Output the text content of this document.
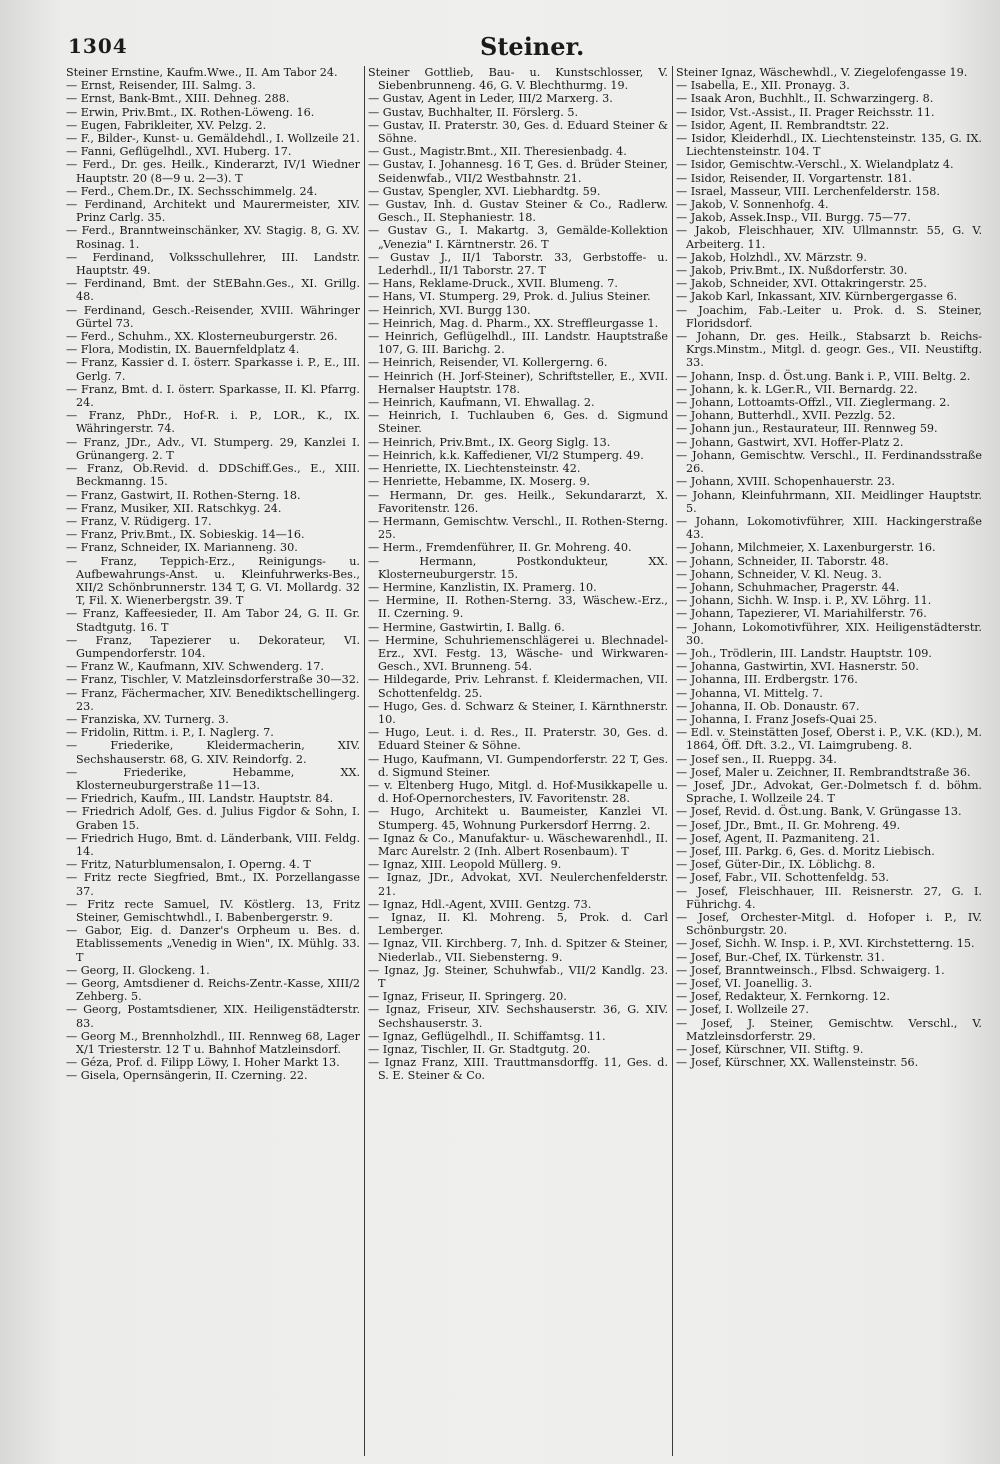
1304	Steiner.

Steiner Ernstine, Kaufm.Wwe., II. Am Tabor 24.

— Ernst, Reisender, III. Salmg. 3.

— Ernst, Bank-Bmt., XIII. Dehneg. 288.

— Erwin, Priv.Bmt., IX. Rothen-Löweng. 16.

— Eugen, Fabrikleiter, XV. Pelzg. 2.

— F., Bilder-, Kunst- u. Gemäldehdl., I. Wollzeile 21.

— Fanni, Geflügelhdl., XVI. Huberg. 17.

— Ferd., Dr. ges. Heilk., Kinderarzt, IV/1 Wiedner Hauptstr. 20 (8—9 u. 2—3). T

— Ferd., Chem.Dr., IX. Sechsschimmelg. 24.

— Ferdinand, Architekt und Maurermeister, XIV. Prinz Carlg. 35.

— Ferd., Branntweinschänker, XV. Stagig. 8, G. XV. Rosinag. 1.

— Ferdinand, Volksschullehrer, III. Landstr. Hauptstr. 49.

— Ferdinand, Bmt. der StEBahn.Ges., XI. Grillg. 48.

— Ferdinand, Gesch.-Reisender, XVIII. Währinger Gürtel 73.

— Ferd., Schuhm., XX. Klosterneuburgerstr. 26.

— Flora, Modistin, IX. Bauernfeldplatz 4.

— Franz, Kassier d. I. österr. Sparkasse i. P., E., III. Gerlg. 7.

— Franz, Bmt. d. I. österr. Sparkasse, II. Kl. Pfarrg. 24.

— Franz, PhDr., Hof-R. i. P., LOR., K., IX. Währingerstr. 74.

— Franz, JDr., Adv., VI. Stumperg. 29, Kanzlei I. Grünangerg. 2. T

— Franz, Ob.Revid. d. DDSchiff.Ges., E., XIII. Beckmanng. 15.

— Franz, Gastwirt, II. Rothen-Sterng. 18.

— Franz, Musiker, XII. Ratschkyg. 24.

— Franz, V. Rüdigerg. 17.

— Franz, Priv.Bmt., IX. Sobieskig. 14—16.

— Franz, Schneider, IX. Marianneng. 30.

— Franz, Teppich-Erz., Reinigungs- u. Aufbewahrungs-Anst. u. Kleinfuhrwerks-Bes., XII/2 Schönbrunnerstr. 134 T, G. VI. Mollardg. 32 T, Fil. X. Wienerbergstr. 39. T

— Franz, Kaffeesieder, II. Am Tabor 24, G. II. Gr. Stadtgutg. 16. T

— Franz, Tapezierer u. Dekorateur, VI. Gumpendorferstr. 104.

— Franz W., Kaufmann, XIV. Schwenderg. 17.

— Franz, Tischler, V. Matzleinsdorferstraße 30—32.

— Franz, Fächermacher, XIV. Benediktschellingerg. 23.

— Franziska, XV. Turnerg. 3.

— Fridolin, Rittm. i. P., I. Naglerg. 7.

— Friederike, Kleidermacherin, XIV. Sechshauserstr. 68, G. XIV. Reindorfg. 2.

— Friederike, Hebamme, XX. Klosterneuburgerstraße 11—13.

— Friedrich, Kaufm., III. Landstr. Hauptstr. 84.

— Friedrich Adolf, Ges. d. Julius Figdor & Sohn, I. Graben 15.

— Friedrich Hugo, Bmt. d. Länderbank, VIII. Feldg. 14.

— Fritz, Naturblumensalon, I. Operng. 4. T

— Fritz recte Siegfried, Bmt., IX. Porzellangasse 37.

— Fritz recte Samuel, IV. Köstlerg. 13, Fritz Steiner, Gemischtwhdl., I. Babenbergerstr. 9.

— Gabor, Eig. d. Danzer's Orpheum u. Bes. d. Etablissements „Venedig in Wien", IX. Mühlg. 33. T

— Georg, II. Glockeng. 1.

— Georg, Amtsdiener d. Reichs-Zentr.-Kasse, XIII/2 Zehberg. 5.

— Georg, Postamtsdiener, XIX. Heiligenstädterstr. 83.

— Georg M., Brennholzhdl., III. Rennweg 68, Lager X/1 Triesterstr. 12 T u. Bahnhof Matzleinsdorf.

— Géza, Prof. d. Filipp Löwy, I. Hoher Markt 13.

— Gisela, Opernsängerin, II. Czerning. 22.

Steiner Gottlieb, Bau- u. Kunstschlosser, V. Siebenbrunneng. 46, G. V. Blechthurmg. 19.

— Gustav, Agent in Leder, III/2 Marxerg. 3.

— Gustav, Buchhalter, II. Förslerg. 5.

— Gustav, II. Praterstr. 30, Ges. d. Eduard Steiner & Söhne.

— Gust., Magistr.Bmt., XII. Theresienbadg. 4.

— Gustav, I. Johannesg. 16 T, Ges. d. Brüder Steiner, Seidenwfab., VII/2 Westbahnstr. 21.

— Gustav, Spengler, XVI. Liebhardtg. 59.

— Gustav, Inh. d. Gustav Steiner & Co., Radlerw. Gesch., II. Stephaniestr. 18.

— Gustav G., I. Makartg. 3, Gemälde-Kollektion „Venezia" I. Kärntnerstr. 26. T

— Gustav J., II/1 Taborstr. 33, Gerbstoffe- u. Lederhdl., II/1 Taborstr. 27. T

— Hans, Reklame-Druck., XVII. Blumeng. 7.

— Hans, VI. Stumperg. 29, Prok. d. Julius Steiner.

— Heinrich, XVI. Burgg 130.

— Heinrich, Mag. d. Pharm., XX. Streffleurgasse 1.

— Heinrich, Geflügelhdl., III. Landstr. Hauptstraße 107, G. III. Barichg. 2.

— Heinrich, Reisender, VI. Kollergerng. 6.

— Heinrich (H. Jorf-Steiner), Schriftsteller, E., XVII. Hernalser Hauptstr. 178.

— Heinrich, Kaufmann, VI. Ehwallag. 2.

— Heinrich, I. Tuchlauben 6, Ges. d. Sigmund Steiner.

— Heinrich, Priv.Bmt., IX. Georg Siglg. 13.

— Heinrich, k.k. Kaffediener, VI/2 Stumperg. 49.

— Henriette, IX. Liechtensteinstr. 42.

— Henriette, Hebamme, IX. Moserg. 9.

— Hermann, Dr. ges. Heilk., Sekundararzt, X. Favoritenstr. 126.

— Hermann, Gemischtw. Verschl., II. Rothen-Sterng. 25.

— Herm., Fremdenführer, II. Gr. Mohreng. 40.

— Hermann, Postkondukteur, XX. Klosterneuburgerstr. 15.

— Hermine, Kanzlistin, IX. Pramerg. 10.

— Hermine, II. Rothen-Sterng. 33, Wäschew.-Erz., II. Czerning. 9.

— Hermine, Gastwirtin, I. Ballg. 6.

— Hermine, Schuhriemenschlägerei u. Blechnadel-Erz., XVI. Festg. 13, Wäsche- und Wirkwaren-Gesch., XVI. Brunneng. 54.

— Hildegarde, Priv. Lehranst. f. Kleidermachen, VII. Schottenfeldg. 25.

— Hugo, Ges. d. Schwarz & Steiner, I. Kärnthnerstr. 10.

— Hugo, Leut. i. d. Res., II. Praterstr. 30, Ges. d. Eduard Steiner & Söhne.

— Hugo, Kaufmann, VI. Gumpendorferstr. 22 T, Ges. d. Sigmund Steiner.

— v. Eltenberg Hugo, Mitgl. d. Hof-Musikkapelle u. d. Hof-Opernorchesters, IV. Favoritenstr. 28.

— Hugo, Architekt u. Baumeister, Kanzlei VI. Stumperg. 45, Wohnung Purkersdorf Herrng. 2.

— Ignaz & Co., Manufaktur- u. Wäschewarenhdl., II. Marc Aurelstr. 2 (Inh. Albert Rosenbaum). T

— Ignaz, XIII. Leopold Müllerg. 9.

— Ignaz, JDr., Advokat, XVI. Neulerchenfelderstr. 21.

— Ignaz, Hdl.-Agent, XVIII. Gentzg. 73.

— Ignaz, II. Kl. Mohreng. 5, Prok. d. Carl Lemberger.

— Ignaz, VII. Kirchberg. 7, Inh. d. Spitzer & Steiner, Niederlab., VII. Siebensterng. 9.

— Ignaz, Jg. Steiner, Schuhwfab., VII/2 Kandlg. 23. T

— Ignaz, Friseur, II. Springerg. 20.

— Ignaz, Friseur, XIV. Sechshauserstr. 36, G. XIV. Sechshauserstr. 3.

— Ignaz, Geflügelhdl., II. Schiffamtsg. 11.

— Ignaz, Tischler, II. Gr. Stadtgutg. 20.

— Ignaz Franz, XIII. Trauttmansdorffg. 11, Ges. d. S. E. Steiner & Co.

Steiner Ignaz, Wäschewhdl., V. Ziegelofengasse 19.

— Isabella, E., XII. Pronayg. 3.

— Isaak Aron, Buchhlt., II. Schwarzingerg. 8.

— Isidor, Vst.-Assist., II. Prager Reichsstr. 11.

— Isidor, Agent, II. Rembrandtstr. 22.

— Isidor, Kleiderhdl., IX. Liechtensteinstr. 135, G. IX. Liechtensteinstr. 104. T

— Isidor, Gemischtw.-Verschl., X. Wielandplatz 4.

— Isidor, Reisender, II. Vorgartenstr. 181.

— Israel, Masseur, VIII. Lerchenfelderstr. 158.

— Jakob, V. Sonnenhofg. 4.

— Jakob, Assek.Insp., VII. Burgg. 75—77.

— Jakob, Fleischhauer, XIV. Ullmannstr. 55, G. V. Arbeiterg. 11.

— Jakob, Holzhdl., XV. Märzstr. 9.

— Jakob, Priv.Bmt., IX. Nußdorferstr. 30.

— Jakob, Schneider, XVI. Ottakringerstr. 25.

— Jakob Karl, Inkassant, XIV. Kürnbergergasse 6.

— Joachim, Fab.-Leiter u. Prok. d. S. Steiner, Floridsdorf.

— Johann, Dr. ges. Heilk., Stabsarzt b. Reichs-Krgs.Minstm., Mitgl. d. geogr. Ges., VII. Neustiftg. 33.

— Johann, Insp. d. Öst.ung. Bank i. P., VIII. Beltg. 2.

— Johann, k. k. LGer.R., VII. Bernardg. 22.

— Johann, Lottoamts-Offzl., VII. Zieglermang. 2.

— Johann, Butterhdl., XVII. Pezzlg. 52.

— Johann jun., Restaurateur, III. Rennweg 59.

— Johann, Gastwirt, XVI. Hoffer-Platz 2.

— Johann, Gemischtw. Verschl., II. Ferdinandsstraße 26.

— Johann, XVIII. Schopenhauerstr. 23.

— Johann, Kleinfuhrmann, XII. Meidlinger Hauptstr. 5.

— Johann, Lokomotivführer, XIII. Hackingerstraße 43.

— Johann, Milchmeier, X. Laxenburgerstr. 16.

— Johann, Schneider, II. Taborstr. 48.

— Johann, Schneider, V. Kl. Neug. 3.

— Johann, Schuhmacher, Pragerstr. 44.

— Johann, Sichh. W. Insp. i. P., XV. Löhrg. 11.

— Johann, Tapezierer, VI. Mariahilferstr. 76.

— Johann, Lokomotivführer, XIX. Heiligenstädterstr. 30.

— Joh., Trödlerin, III. Landstr. Hauptstr. 109.

— Johanna, Gastwirtin, XVI. Hasnerstr. 50.

— Johanna, III. Erdbergstr. 176.

— Johanna, VI. Mittelg. 7.

— Johanna, II. Ob. Donaustr. 67.

— Johanna, I. Franz Josefs-Quai 25.

— Edl. v. Steinstätten Josef, Oberst i. P., V.K. (KD.), M. 1864, Öff. Dft. 3.2., VI. Laimgrubeng. 8.

— Josef sen., II. Rueppg. 34.

— Josef, Maler u. Zeichner, II. Rembrandtstraße 36.

— Josef, JDr., Advokat, Ger.-Dolmetsch f. d. böhm. Sprache, I. Wollzeile 24. T

— Josef, Revid. d. Öst.ung. Bank, V. Grüngasse 13.

— Josef, JDr., Bmt., II. Gr. Mohreng. 49.

— Josef, Agent, II. Pazmaniteng. 21.

— Josef, III. Parkg. 6, Ges. d. Moritz Liebisch.

— Josef, Güter-Dir., IX. Löblichg. 8.

— Josef, Fabr., VII. Schottenfeldg. 53.

— Josef, Fleischhauer, III. Reisnerstr. 27, G. I. Führichg. 4.

— Josef, Orchester-Mitgl. d. Hofoper i. P., IV. Schönburgstr. 20.

— Josef, Sichh. W. Insp. i. P., XVI. Kirchstetterng. 15.

— Josef, Bur.-Chef, IX. Türkenstr. 31.

— Josef, Branntweinsch., Flbsd. Schwaigerg. 1.

— Josef, VI. Joanellig. 3.

— Josef, Redakteur, X. Fernkorng. 12.

— Josef, I. Wollzeile 27.

— Josef, J. Steiner, Gemischtw. Verschl., V. Matzleinsdorferstr. 29.

— Josef, Kürschner, VII. Stiftg. 9.

— Josef, Kürschner, XX. Wallensteinstr. 56.
